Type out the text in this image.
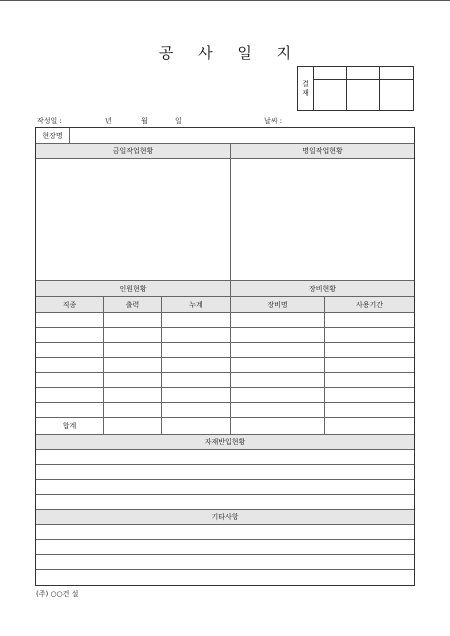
공 사 일 지
결재
작성일 :	년	월	일	날씨 :
현장명
금일작업현황	명일작업현황
인원현황	장비현황
직종	출력	누계	장비명	사용기간
합계
자재반입현황
기타사항
(주) ○○건 설
